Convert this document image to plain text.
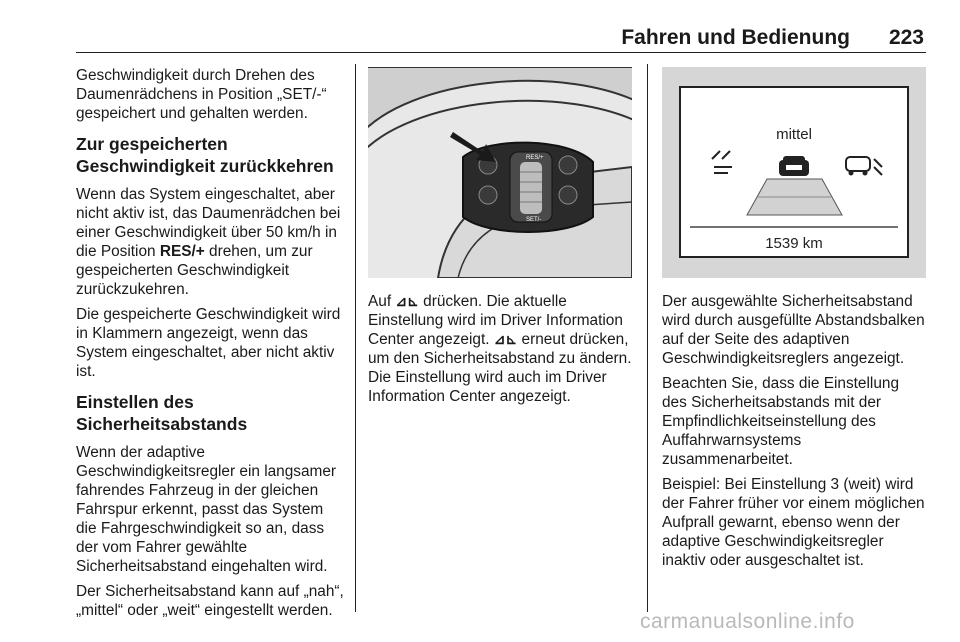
Fahren und Bedienung 223

Geschwindigkeit durch Drehen des Daumenrädchens in Position „SET/-“ gespeichert und gehalten werden.

Zur gespeicherten Geschwindigkeit zurückkehren

Wenn das System eingeschaltet, aber nicht aktiv ist, das Daumenrädchen bei einer Geschwindigkeit über 50 km/h in die Position RES/+ drehen, um zur gespeicherten Geschwindigkeit zurückzukehren.

Die gespeicherte Geschwindigkeit wird in Klammern angezeigt, wenn das System eingeschaltet, aber nicht aktiv ist.

Einstellen des Sicherheitsabstands

Wenn der adaptive Geschwindigkeitsregler ein langsamer fahrendes Fahrzeug in der gleichen Fahrspur erkennt, passt das System die Fahrgeschwindigkeit so an, dass der vom Fahrer gewählte Sicherheitsabstand eingehalten wird.

Der Sicherheitsabstand kann auf „nah“, „mittel“ oder „weit“ eingestellt werden.

RES/+
SET/-
mittel
1539 km

Auf ⊿⊾ drücken. Die aktuelle Einstellung wird im Driver Information Center angezeigt. ⊿⊾ erneut drücken, um den Sicherheitsabstand zu ändern. Die Einstellung wird auch im Driver Information Center angezeigt.

Der ausgewählte Sicherheitsabstand wird durch ausgefüllte Abstandsbalken auf der Seite des adaptiven Geschwindigkeitsreglers angezeigt.

Beachten Sie, dass die Einstellung des Sicherheitsabstands mit der Empfindlichkeitseinstellung des Auffahrwarnsystems zusammenarbeitet.

Beispiel: Bei Einstellung 3 (weit) wird der Fahrer früher vor einem möglichen Aufprall gewarnt, ebenso wenn der adaptive Geschwindigkeitsregler inaktiv oder ausgeschaltet ist.

carmanualsonline.info
